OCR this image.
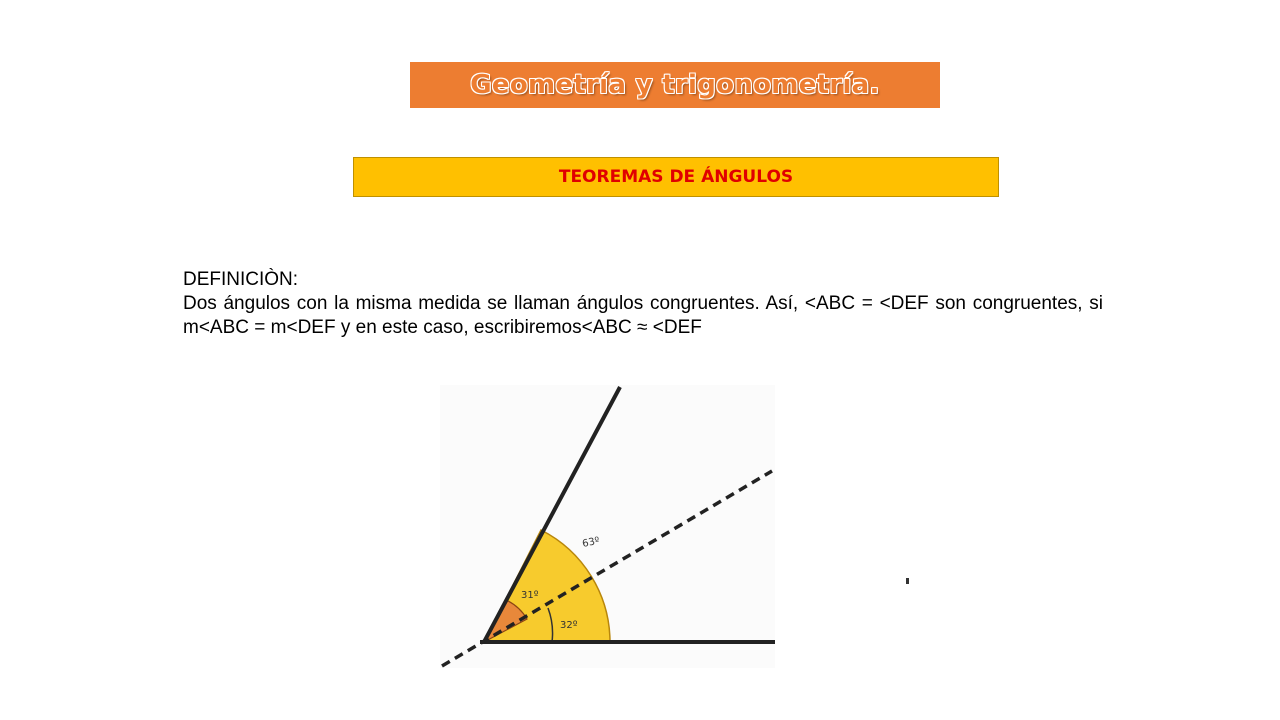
Geometría y trigonometría.
TEOREMAS DE ÁNGULOS

DEFINICIÒN:

Dos ángulos con la misma medida se llaman ángulos congruentes. Así, <ABC = <DEF son congruentes, si m<ABC = m<DEF y en este caso, escribiremos<ABC ≈ <DEF

63º
31º
32º
